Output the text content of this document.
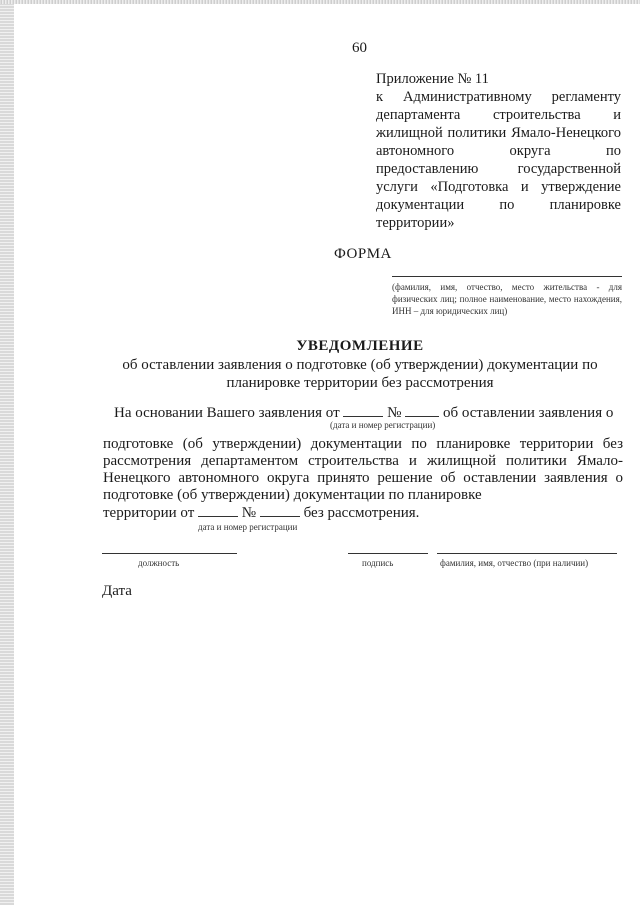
60
Приложение № 11
к Административному регламенту департамента строительства и жилищной политики Ямало-Ненецкого автономного округа по предоставлению государственной услуги «Подготовка и утверждение документации по планировке территории»
ФОРМА
(фамилия, имя, отчество, место жительства - для физических лиц; полное наименование, место нахождения, ИНН – для юридических лиц)
УВЕДОМЛЕНИЕ
об оставлении заявления о подготовке (об утверждении) документации по планировке территории без рассмотрения
На основании Вашего заявления от	№	об оставлении заявления о
(дата и номер регистрации)
подготовке (об утверждении) документации по планировке территории без рассмотрения департаментом строительства и жилищной политики Ямало-Ненецкого автономного округа принято решение об оставлении заявления о подготовке (об утверждении) документации по планировке
территории от	№	без рассмотрения.
дата и номер регистрации
должность	подпись	фамилия, имя, отчество (при наличии)
Дата
